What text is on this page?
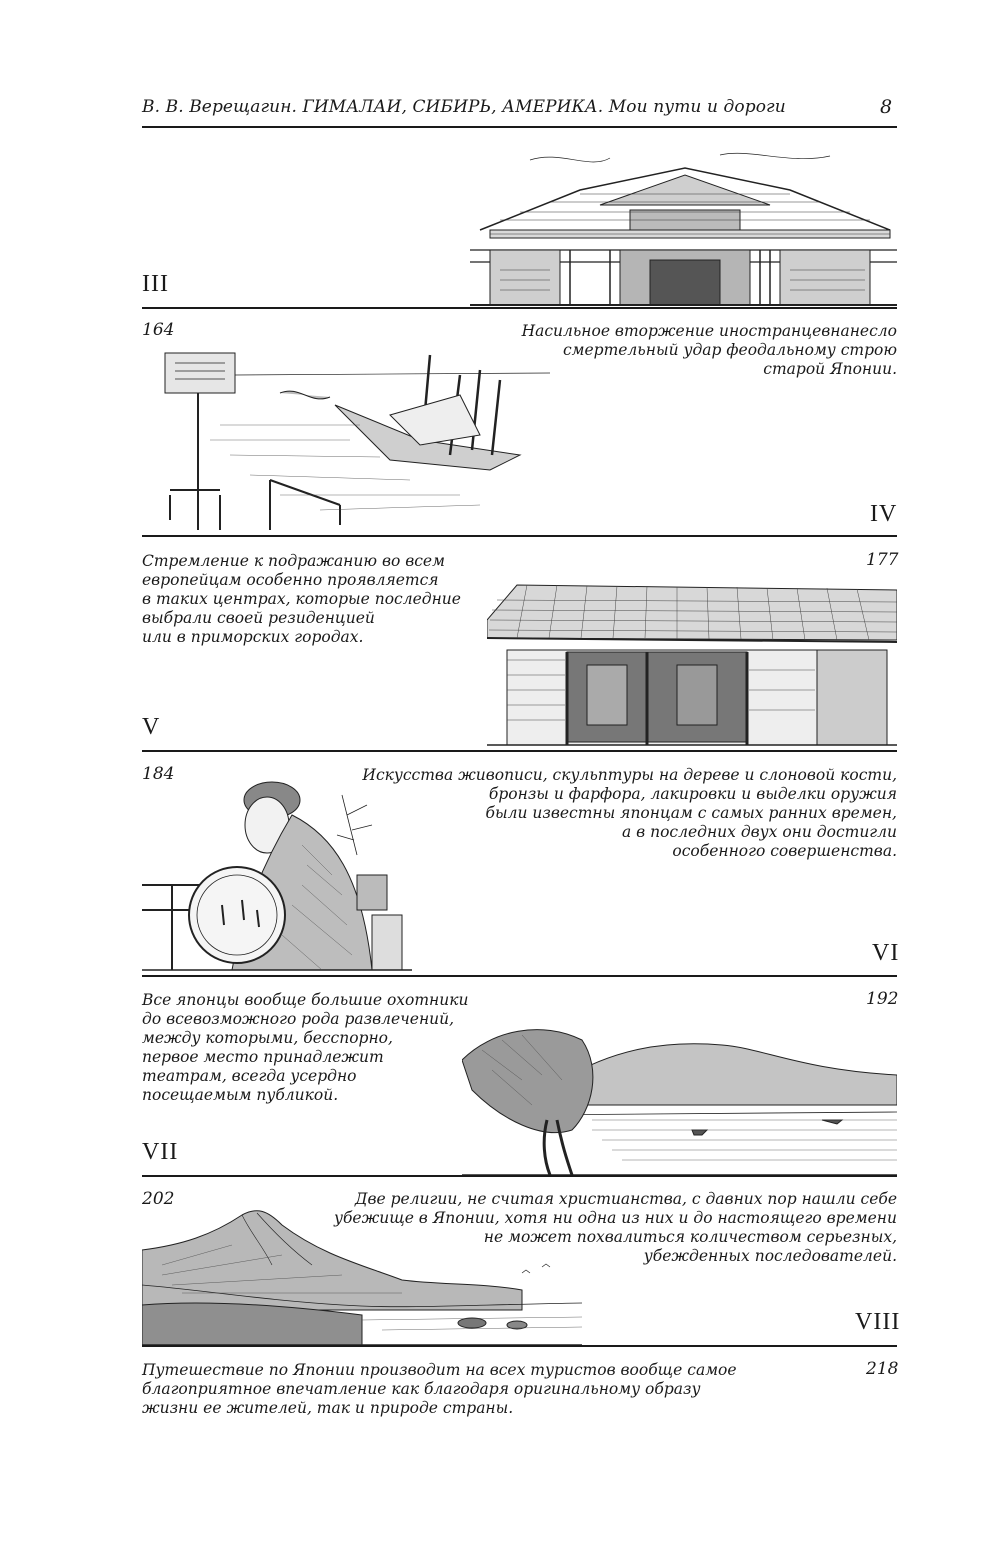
В. В. Верещагин. ГИМАЛАИ, СИБИРЬ, АМЕРИКА. Мои пути и дороги	8
III
164	Насильное вторжение иностранцевнанесло
смертельный удар феодальному строю
старой Японии.
IV
Стремление к подражанию во всем
европейцам особенно проявляется
в таких центрах, которые последние
выбрали своей резиденцией
или в приморских городах.
177
V
184	Искусства живописи, скульптуры на дереве и слоновой кости,
бронзы и фарфора, лакировки и выделки оружия
были известны японцам с самых ранних времен,
а в последних двух они достигли
особенного совершенства.
VI
Все японцы вообще большие охотники
до всевозможного рода развлечений,
между которыми, бесспорно,
первое место принадлежит
театрам, всегда усердно
посещаемым публикой.
192
VII
202	Две религии, не считая христианства, с давних пор нашли себе
убежище в Японии, хотя ни одна из них и до настоящего времени
не может похвалиться количеством серьезных,
убежденных последователей.
VIII
Путешествие по Японии производит на всех туристов вообще самое
благоприятное впечатление как благодаря оригинальному образу
жизни ее жителей, так и природе страны.
218
